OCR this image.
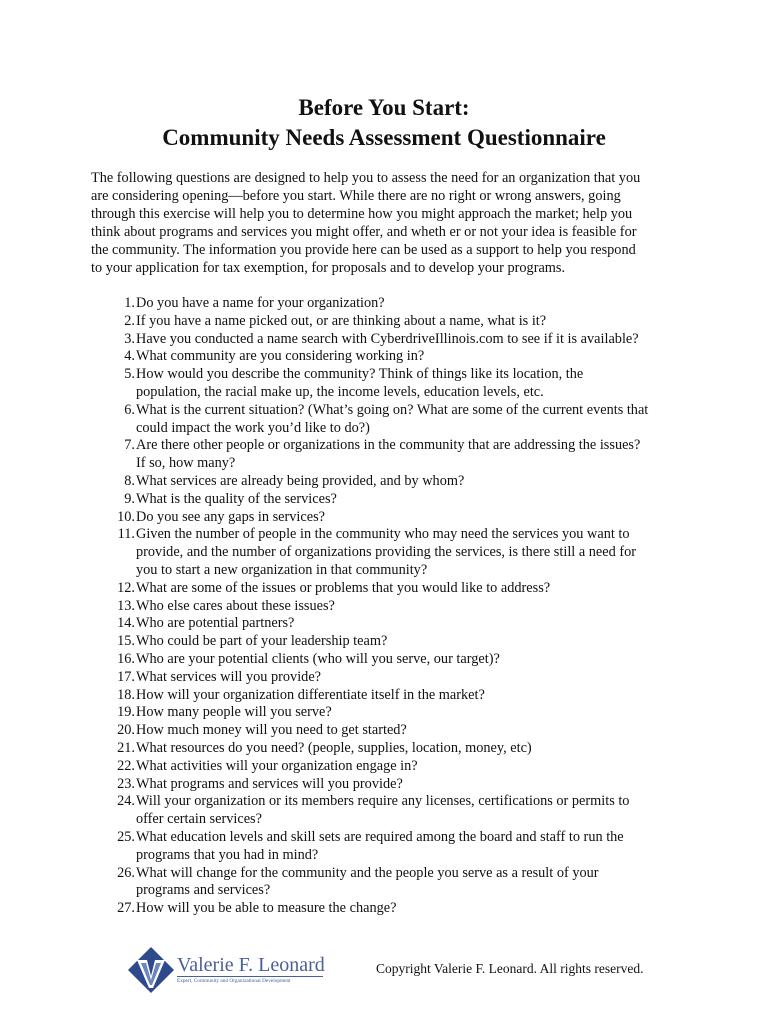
Before You Start:
Community Needs Assessment Questionnaire

The following questions are designed to help you to assess the need for an organization that you
are considering opening—before you start. While there are no right or wrong answers, going
through this exercise will help you to determine how you might approach the market; help you
think about programs and services you might offer, and wheth er or not your idea is feasible for
the community. The information you provide here can be used as a support to help you respond
to your application for tax exemption, for proposals and to develop your programs.

1. Do you have a name for your organization?
2. If you have a name picked out, or are thinking about a name, what is it?
3. Have you conducted a name search with CyberdriveIllinois.com to see if it is available?
4. What community are you considering working in?
5. How would you describe the community? Think of things like its location, the
population, the racial make up, the income levels, education levels, etc.
6. What is the current situation? (What’s going on? What are some of the current events that
could impact the work you’d like to do?)
7. Are there other people or organizations in the community that are addressing the issues?
If so, how many?
8. What services are already being provided, and by whom?
9. What is the quality of the services?
10. Do you see any gaps in services?
11. Given the number of people in the community who may need the services you want to
provide, and the number of organizations providing the services, is there still a need for
you to start a new organization in that community?
12. What are some of the issues or problems that you would like to address?
13. Who else cares about these issues?
14. Who are potential partners?
15. Who could be part of your leadership team?
16. Who are your potential clients (who will you serve, our target)?
17. What services will you provide?
18. How will your organization differentiate itself in the market?
19. How many people will you serve?
20. How much money will you need to get started?
21. What resources do you need? (people, supplies, location, money, etc)
22. What activities will your organization engage in?
23. What programs and services will you provide?
24. Will your organization or its members require any licenses, certifications or permits to
offer certain services?
25. What education levels and skill sets are required among the board and staff to run the
programs that you had in mind?
26. What will change for the community and the people you serve as a result of your
programs and services?
27. How will you be able to measure the change?
Valerie F. Leonard
Expert, Community and Organizational Development
Copyright Valerie F. Leonard. All rights reserved.
